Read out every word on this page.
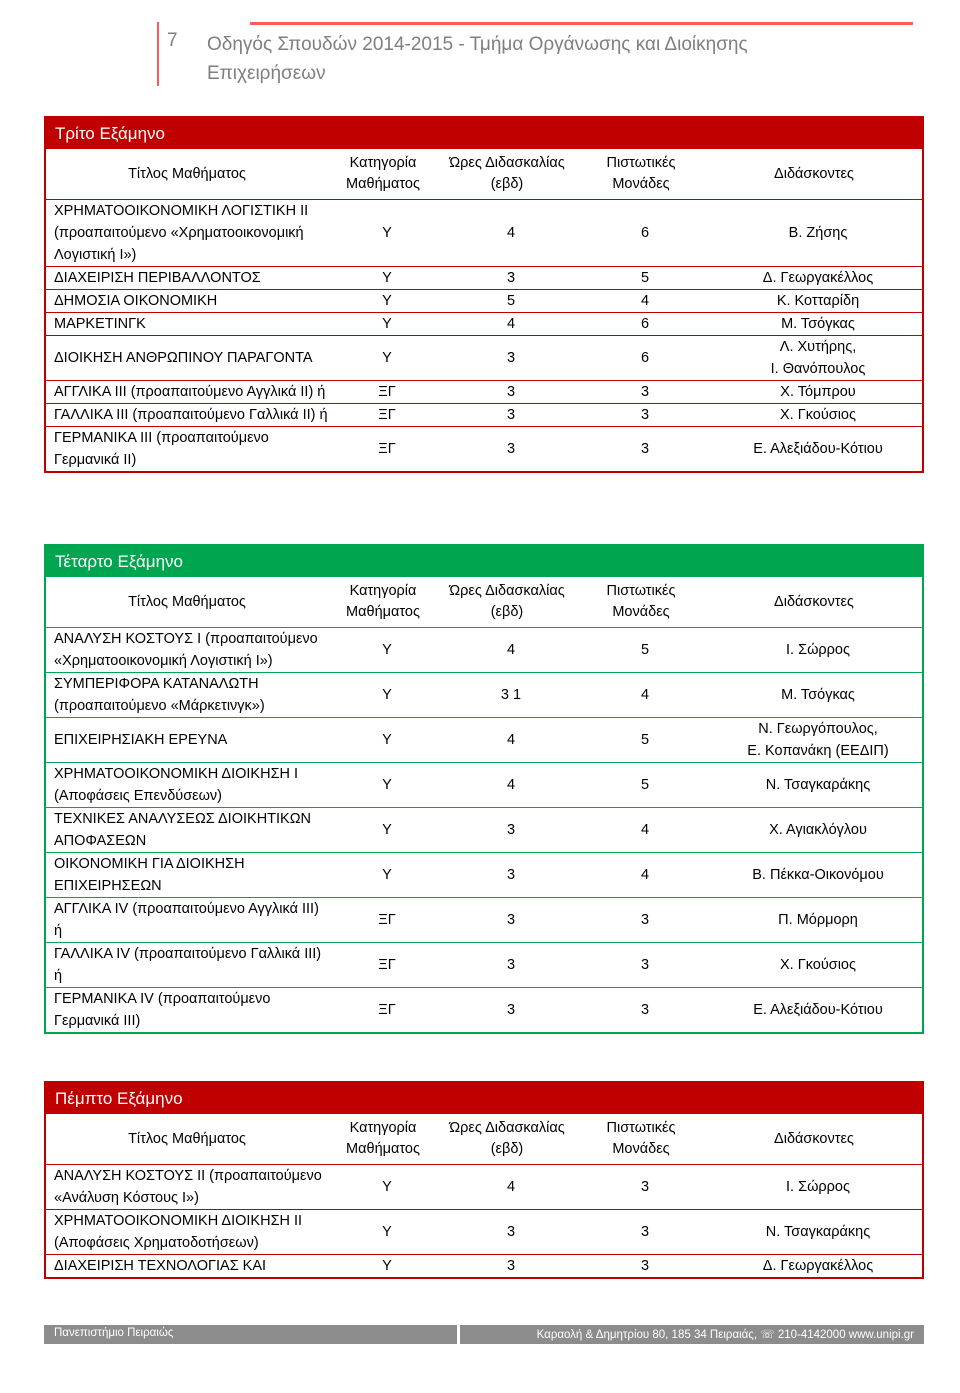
7 Οδηγός Σπουδών 2014-2015 - Τμήμα Οργάνωσης και Διοίκησης Επιχειρήσεων
Τρίτο Εξάμηνο
Τίτλος Μαθήματος	Κατηγορία Μαθήματος	Ώρες Διδασκαλίας (εβδ)	Πιστωτικές Μονάδες	Διδάσκοντες
ΧΡΗΜΑΤΟΟΙΚΟΝΟΜΙΚΗ ΛΟΓΙΣΤΙΚΗ ΙΙ (προαπαιτούμενο «Χρηματοοικονομική Λογιστική Ι»)	Υ	4	6	Β. Ζήσης
ΔΙΑΧΕΙΡΙΣΗ ΠΕΡΙΒΑΛΛΟΝΤΟΣ	Υ	3	5	Δ. Γεωργακέλλος
ΔΗΜΟΣΙΑ ΟΙΚΟΝΟΜΙΚΗ	Υ	5	4	Κ. Κοτταρίδη
ΜΑΡΚΕΤΙΝΓΚ	Υ	4	6	Μ. Τσόγκας
ΔΙΟΙΚΗΣΗ ΑΝΘΡΩΠΙΝΟΥ ΠΑΡΑΓΟΝΤΑ	Υ	3	6	Λ. Χυτήρης,
Ι. Θανόπουλος

ΑΓΓΛΙΚΑ ΙΙΙ (προαπαιτούμενο Αγγλικά ΙΙ) ή	ΞΓ	3	3	Χ. Τόμπρου
ΓΑΛΛΙΚΑ ΙΙΙ (προαπαιτούμενο Γαλλικά ΙΙ) ή	ΞΓ	3	3	Χ. Γκούσιος
ΓΕΡΜΑΝΙΚΑ ΙΙΙ (προαπαιτούμενο Γερμανικά ΙΙ)	ΞΓ	3	3	Ε. Αλεξιάδου-Κότιου
Τέταρτο Εξάμηνο
Τίτλος Μαθήματος	Κατηγορία Μαθήματος	Ώρες Διδασκαλίας (εβδ)	Πιστωτικές Μονάδες	Διδάσκοντες
ΑΝΑΛΥΣΗ ΚΟΣΤΟΥΣ Ι (προαπαιτούμενο «Χρηματοοικονομική Λογιστική Ι»)	Υ	4	5	Ι. Σώρρος
ΣΥΜΠΕΡΙΦΟΡΑ ΚΑΤΑΝΑΛΩΤΗ (προαπαιτούμενο «Μάρκετινγκ»)	Υ	3 1	4	Μ. Τσόγκας
ΕΠΙΧΕΙΡΗΣΙΑΚΗ ΕΡΕΥΝΑ	Υ	4	5	Ν. Γεωργόπουλος,
Ε. Κοπανάκη (ΕΕΔΙΠ)

ΧΡΗΜΑΤΟΟΙΚΟΝΟΜΙΚΗ ΔΙΟΙΚΗΣΗ Ι (Αποφάσεις Επενδύσεων)	Υ	4	5	Ν. Τσαγκαράκης
ΤΕΧΝΙΚΕΣ ΑΝΑΛΥΣΕΩΣ ΔΙΟΙΚΗΤΙΚΩΝ ΑΠΟΦΑΣΕΩΝ	Υ	3	4	Χ. Αγιακλόγλου
ΟΙΚΟΝΟΜΙΚΗ ΓΙΑ ΔΙΟΙΚΗΣΗ ΕΠΙΧΕΙΡΗΣΕΩΝ	Υ	3	4	Β. Πέκκα-Οικονόμου
ΑΓΓΛΙΚΑ ΙV (προαπαιτούμενο Αγγλικά ΙΙΙ) ή	ΞΓ	3	3	Π. Μόρμορη
ΓΑΛΛΙΚΑ ΙV (προαπαιτούμενο Γαλλικά ΙΙΙ) ή	ΞΓ	3	3	Χ. Γκούσιος
ΓΕΡΜΑΝΙΚΑ ΙV (προαπαιτούμενο Γερμανικά ΙΙΙ)	ΞΓ	3	3	Ε. Αλεξιάδου-Κότιου
Πέμπτο Εξάμηνο
Τίτλος Μαθήματος	Κατηγορία Μαθήματος	Ώρες Διδασκαλίας (εβδ)	Πιστωτικές Μονάδες	Διδάσκοντες
ΑΝΑΛΥΣΗ ΚΟΣΤΟΥΣ ΙΙ (προαπαιτούμενο «Ανάλυση Κόστους Ι»)	Υ	4	3	Ι. Σώρρος
ΧΡΗΜΑΤΟΟΙΚΟΝΟΜΙΚΗ ΔΙΟΙΚΗΣΗ ΙΙ (Αποφάσεις Χρηματοδοτήσεων)	Υ	3	3	Ν. Τσαγκαράκης
ΔΙΑΧΕΙΡΙΣΗ ΤΕΧΝΟΛΟΓΙΑΣ ΚΑΙ	Υ	3	3	Δ. Γεωργακέλλος
Πανεπιστήμιο Πειραιώς	Καραολή & Δημητρίου 80, 185 34 Πειραιάς, ☏ 210-4142000 www.unipi.gr
